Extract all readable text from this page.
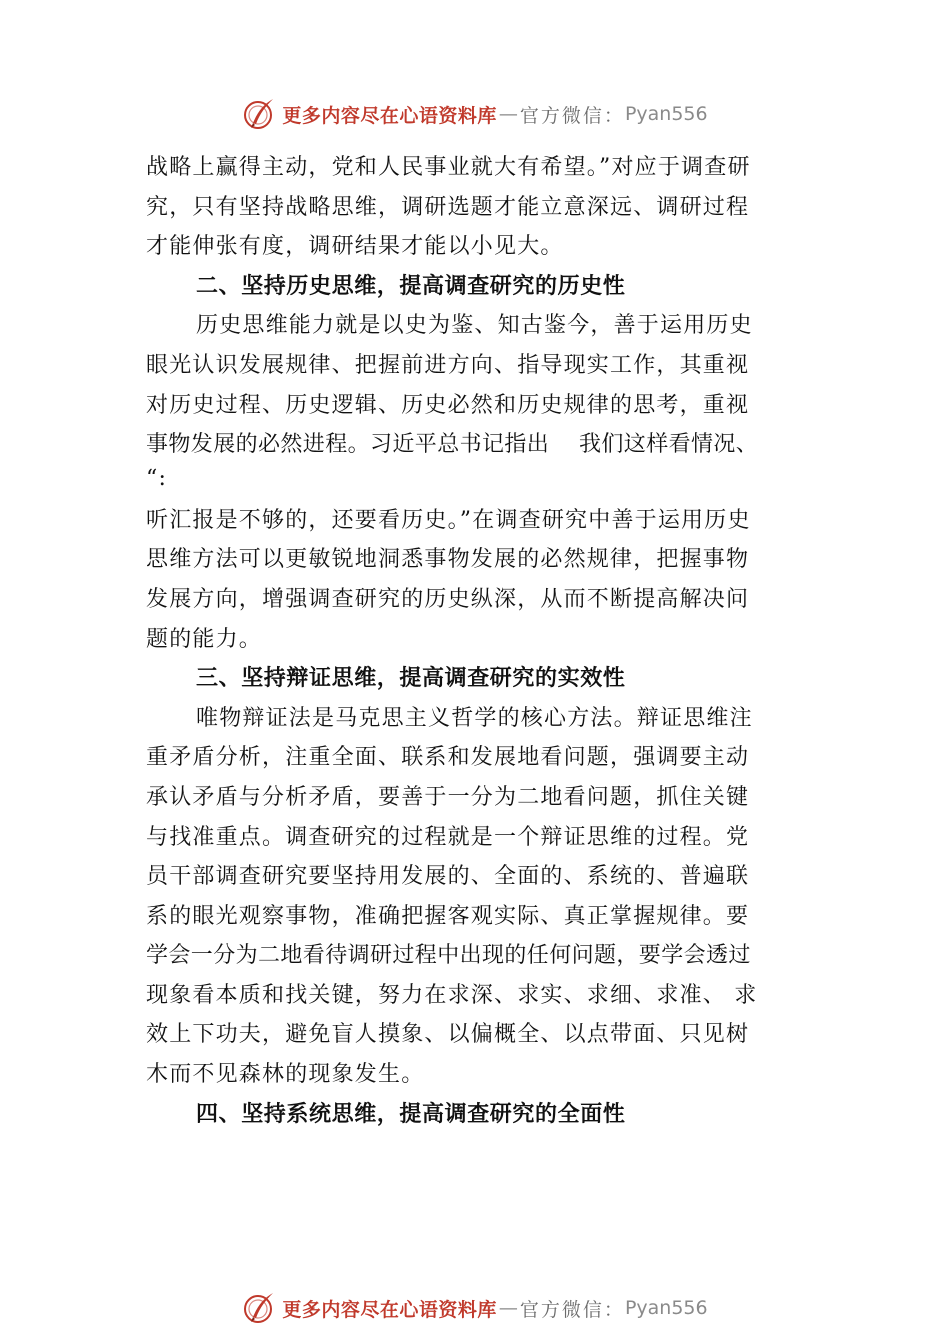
更多内容尽在心语资料库 — 官方微信： Pyan556
战略上赢得主动，党和人民事业就大有希望。”对应于调查研
究，只有坚持战略思维，调研选题才能立意深远、调研过程
才能伸张有度，调研结果才能以小见大。
二、坚持历史思维，提高调查研究的历史性
历史思维能力就是以史为鉴、知古鉴今，善于运用历史
眼光认识发展规律、把握前进方向、指导现实工作，其重视
对历史过程、历史逻辑、历史必然和历史规律的思考，重视
事物发展的必然进程。习近平总书记指出　 我们这样看情况、
“:
听汇报是不够的，还要看历史。”在调查研究中善于运用历史
思维方法可以更敏锐地洞悉事物发展的必然规律，把握事物
发展方向，增强调查研究的历史纵深，从而不断提高解决问
题的能力。
三、坚持辩证思维，提高调查研究的实效性
唯物辩证法是马克思主义哲学的核心方法。辩证思维注
重矛盾分析，注重全面、联系和发展地看问题，强调要主动
承认矛盾与分析矛盾，要善于一分为二地看问题，抓住关键
与找准重点。调查研究的过程就是一个辩证思维的过程。党
员干部调查研究要坚持用发展的、全面的、系统的、普遍联
系的眼光观察事物，准确把握客观实际、真正掌握规律。要
学会一分为二地看待调研过程中出现的任何问题，要学会透过
现象看本质和找关键，努力在求深、求实、求细、求准、 求
效上下功夫，避免盲人摸象、以偏概全、以点带面、只见树
木而不见森林的现象发生。
四、坚持系统思维，提高调查研究的全面性
更多内容尽在心语资料库 — 官方微信： Pyan556
